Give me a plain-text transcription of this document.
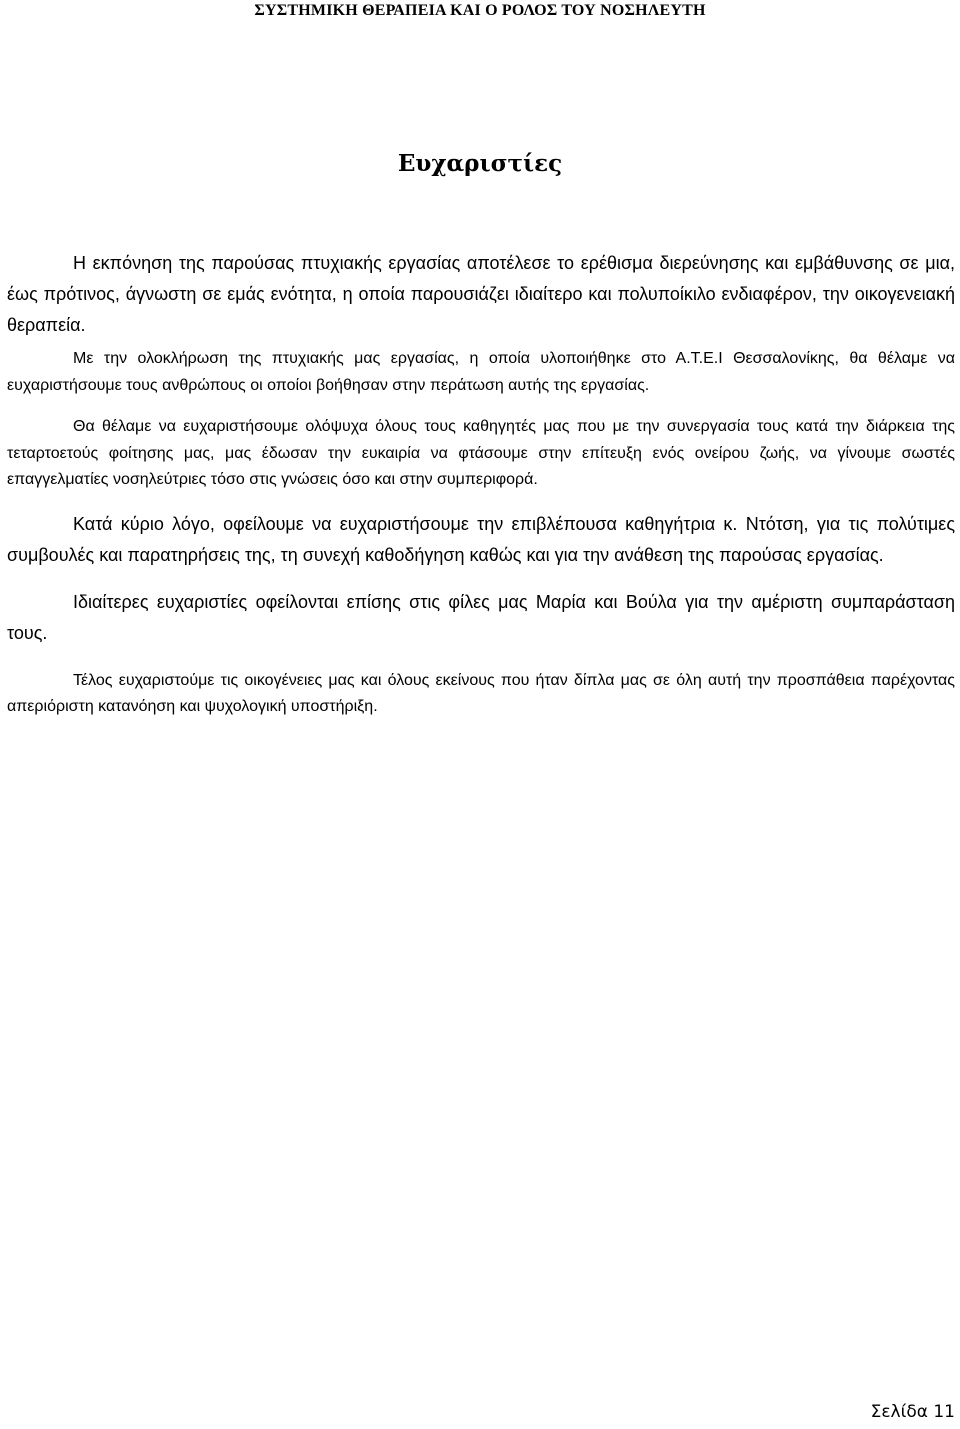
ΣΥΣΤΗΜΙΚΗ ΘΕΡΑΠΕΙΑ ΚΑΙ Ο ΡΟΛΟΣ ΤΟΥ ΝΟΣΗΛΕΥΤΗ
Ευχαριστίες

Η εκπόνηση της παρούσας πτυχιακής εργασίας αποτέλεσε το ερέθισμα διερεύνησης και εμβάθυνσης σε μια, έως πρότινος, άγνωστη σε εμάς ενότητα, η οποία παρουσιάζει ιδιαίτερο και πολυποίκιλο ενδιαφέρον, την οικογενειακή θεραπεία.

Με την ολοκλήρωση της πτυχιακής μας εργασίας, η οποία υλοποιήθηκε στο Α.Τ.Ε.Ι Θεσσαλονίκης, θα θέλαμε να ευχαριστήσουμε τους ανθρώπους οι οποίοι βοήθησαν στην περάτωση αυτής της εργασίας.

Θα θέλαμε να ευχαριστήσουμε ολόψυχα όλους τους καθηγητές μας που με την συνεργασία τους κατά την διάρκεια της τεταρτοετούς φοίτησης μας, μας έδωσαν την ευκαιρία να φτάσουμε στην επίτευξη ενός ονείρου ζωής, να γίνουμε σωστές επαγγελματίες νοσηλεύτριες τόσο στις γνώσεις όσο και στην συμπεριφορά.

Κατά κύριο λόγο, οφείλουμε να ευχαριστήσουμε την επιβλέπουσα καθηγήτρια κ. Ντότση, για τις πολύτιμες συμβουλές και παρατηρήσεις της, τη συνεχή καθοδήγηση καθώς και για την ανάθεση της παρούσας εργασίας.

Ιδιαίτερες ευχαριστίες οφείλονται επίσης στις φίλες μας Μαρία και Βούλα για την αμέριστη συμπαράσταση τους.

Τέλος ευχαριστούμε τις οικογένειες μας και όλους εκείνους που ήταν δίπλα μας σε όλη αυτή την προσπάθεια παρέχοντας απεριόριστη κατανόηση και ψυχολογική υποστήριξη.

Σελίδα 11
